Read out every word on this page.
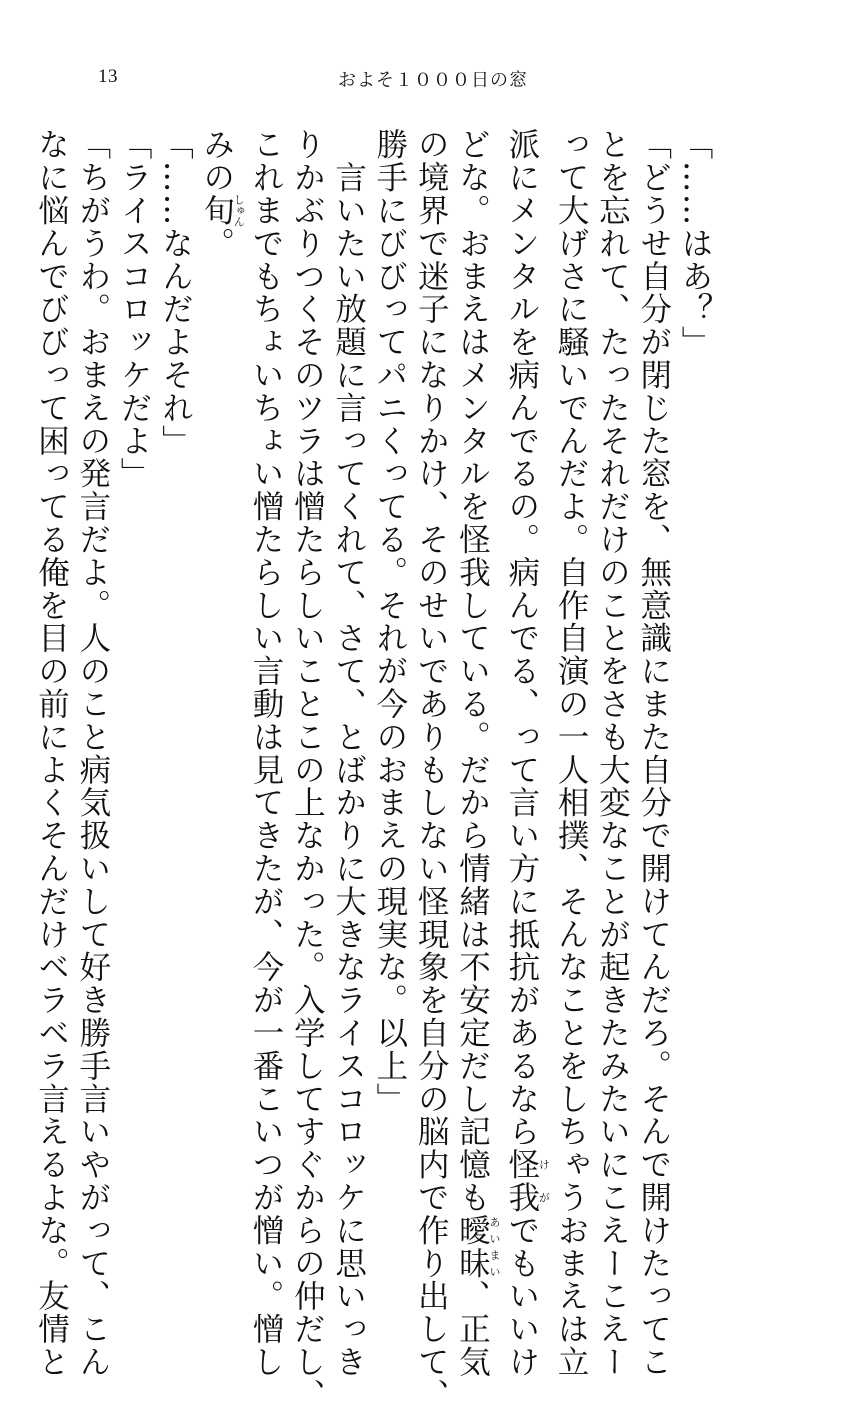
13	およそ１０００日の窓
「……はあ？」
「どうせ自分が閉じた窓を、無意識にまた自分で開けてんだろ。そんで開けたってこ
とを忘れて、たったそれだけのことをさも大変なことが起きたみたいにこえーこえー
って大げさに騒いでんだよ。自作自演の一人相撲、そんなことをしちゃうおまえは立
派にメンタルを病んでるの。病んでる、って言い方に抵抗があるなら怪我けがでもいいけ
どな。おまえはメンタルを怪我している。だから情緒は不安定だし記憶も曖昧あいまい、正気
の境界で迷子になりかけ、そのせいでありもしない怪現象を自分の脳内で作り出して、
勝手にびびってパニくってる。それが今のおまえの現実な。以上」
　言いたい放題に言ってくれて、さて、とばかりに大きなライスコロッケに思いっき
りかぶりつくそのツラは憎たらしいことこの上なかった。入学してすぐからの仲だし、
これまでもちょいちょい憎たらしい言動は見てきたが、今が一番こいつが憎い。憎し
みの旬しゅん。
「……なんだよそれ」
「ライスコロッケだよ」
「ちがうわ。おまえの発言だよ。人のこと病気扱いして好き勝手言いやがって、こん
なに悩んでびびって困ってる俺を目の前によくそんだけベラベラ言えるよな。友情と
